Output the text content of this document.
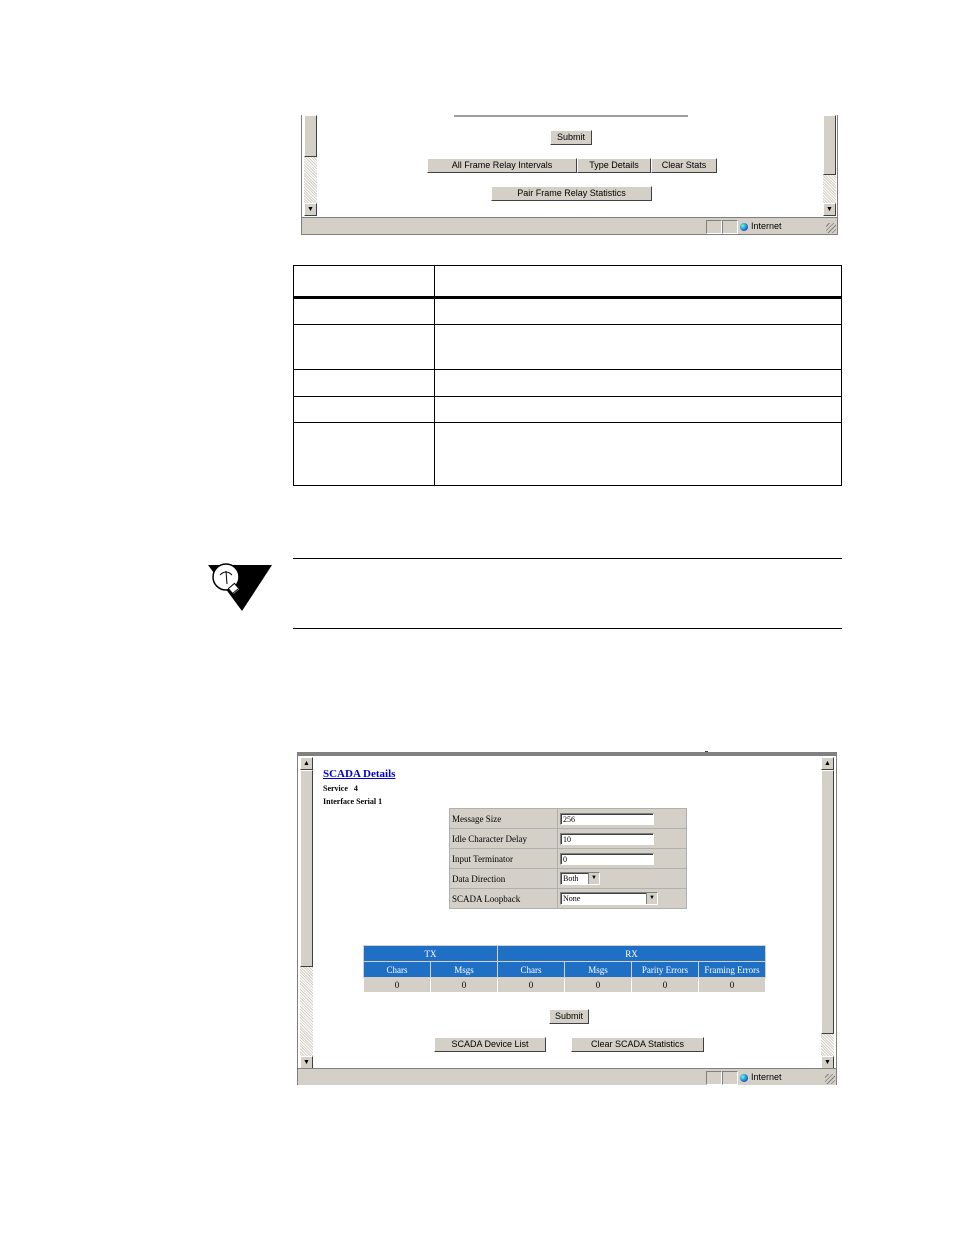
Submit
All Frame Relay Intervals	Type Details	Clear Stats
Pair Frame Relay Statistics
▼	▼
Internet

▲
▼
▲
▼
SCADA Details
Service 4
Interface Serial 1
Message Size	256

Idle Character Delay	10

Input Terminator	0

Data Direction	Both ▼

SCADA Loopback	None ▼
TX		RX			
Chars	Msgs	Chars	Msgs	Parity Errors	Framing Errors
0	0	0	0	0	0
Submit
SCADA Device List	Clear SCADA Statistics
Internet
